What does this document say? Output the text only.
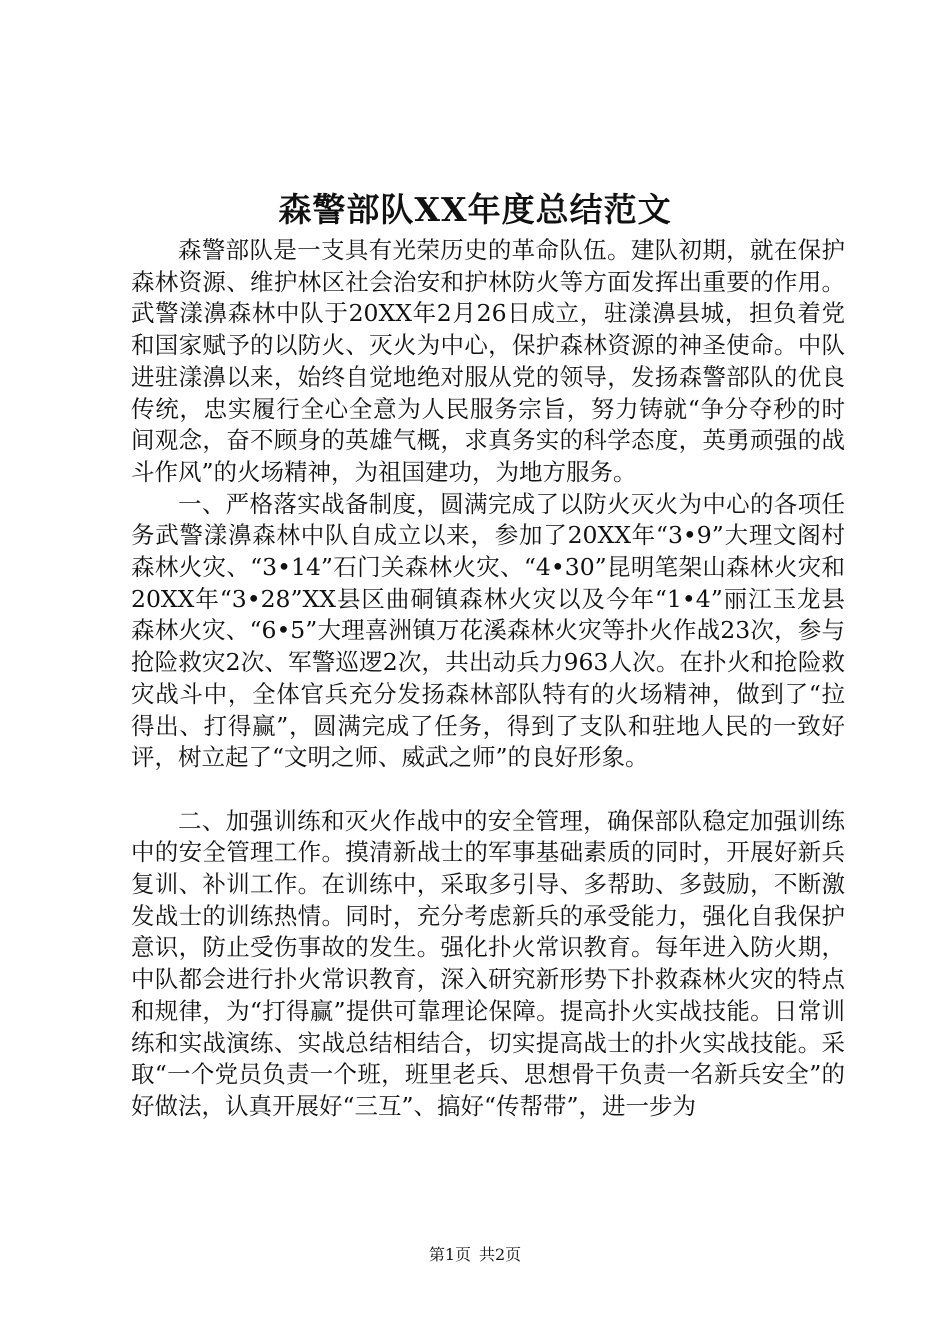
森警部队XX年度总结范文

森警部队是一支具有光荣历史的革命队伍。建队初期，就在保护森林资源、维护林区社会治安和护林防火等方面发挥出重要的作用。武警漾濞森林中队于20XX年2月26日成立，驻漾濞县城，担负着党和国家赋予的以防火、灭火为中心，保护森林资源的神圣使命。中队进驻漾濞以来，始终自觉地绝对服从党的领导，发扬森警部队的优良传统，忠实履行全心全意为人民服务宗旨，努力铸就“争分夺秒的时间观念，奋不顾身的英雄气概，求真务实的科学态度，英勇顽强的战斗作风”的火场精神，为祖国建功，为地方服务。

一、严格落实战备制度，圆满完成了以防火灭火为中心的各项任务武警漾濞森林中队自成立以来，参加了20XX年“3•9”大理文阁村森林火灾、“3•14”石门关森林火灾、“4•30”昆明笔架山森林火灾和20XX年“3•28”XX县区曲硐镇森林火灾以及今年“1•4”丽江玉龙县森林火灾、“6•5”大理喜洲镇万花溪森林火灾等扑火作战23次，参与抢险救灾2次、军警巡逻2次，共出动兵力963人次。在扑火和抢险救灾战斗中，全体官兵充分发扬森林部队特有的火场精神，做到了“拉得出、打得赢”，圆满完成了任务，得到了支队和驻地人民的一致好评，树立起了“文明之师、威武之师”的良好形象。

二、加强训练和灭火作战中的安全管理，确保部队稳定加强训练中的安全管理工作。摸清新战士的军事基础素质的同时，开展好新兵复训、补训工作。在训练中，采取多引导、多帮助、多鼓励，不断激发战士的训练热情。同时，充分考虑新兵的承受能力，强化自我保护意识，防止受伤事故的发生。强化扑火常识教育。每年进入防火期，中队都会进行扑火常识教育，深入研究新形势下扑救森林火灾的特点和规律，为“打得赢”提供可靠理论保障。提高扑火实战技能。日常训练和实战演练、实战总结相结合，切实提高战士的扑火实战技能。采取“一个党员负责一个班，班里老兵、思想骨干负责一名新兵安全”的好做法，认真开展好“三互”、搞好“传帮带”，进一步为

第1页 共2页
